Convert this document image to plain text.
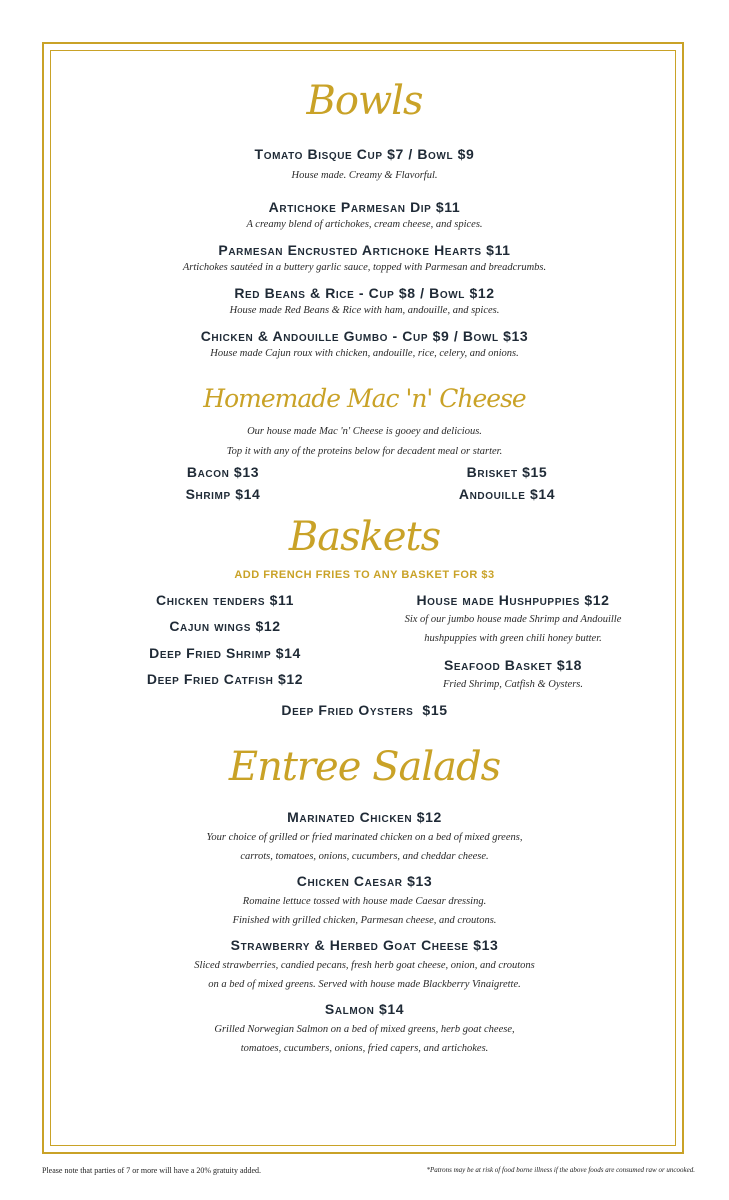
Bowls
Tomato Bisque Cup $7 / Bowl $9
House made. Creamy & Flavorful.
Artichoke Parmesan Dip $11
A creamy blend of artichokes, cream cheese, and spices.
Parmesan Encrusted Artichoke Hearts $11
Artichokes sautéed in a buttery garlic sauce, topped with Parmesan and breadcrumbs.
Red Beans & Rice - Cup $8 / Bowl $12
House made Red Beans & Rice with ham, andouille, and spices.
Chicken & Andouille Gumbo - Cup $9 / Bowl $13
House made Cajun roux with chicken, andouille, rice, celery, and onions.
Homemade Mac 'n' Cheese
Our house made Mac 'n' Cheese is gooey and delicious.
Top it with any of the proteins below for decadent meal or starter.
Bacon $13	Brisket $15
Shrimp $14	Andouille $14
Baskets
ADD FRENCH FRIES TO ANY BASKET FOR $3
Chicken tenders $11
Cajun wings $12
Deep Fried Shrimp $14
Deep Fried Catfish $12
House made Hushpuppies $12
Six of our jumbo house made Shrimp and Andouille
hushpuppies with green chili honey butter.
Seafood Basket $18
Fried Shrimp, Catfish & Oysters.
Deep Fried Oysters  $15
Entree Salads
Marinated Chicken $12
Your choice of grilled or fried marinated chicken on a bed of mixed greens,
carrots, tomatoes, onions, cucumbers, and cheddar cheese.
Chicken Caesar $13
Romaine lettuce tossed with house made Caesar dressing.
Finished with grilled chicken, Parmesan cheese, and croutons.
Strawberry & Herbed Goat Cheese $13
Sliced strawberries, candied pecans, fresh herb goat cheese, onion, and croutons
on a bed of mixed greens. Served with house made Blackberry Vinaigrette.
Salmon $14
Grilled Norwegian Salmon on a bed of mixed greens, herb goat cheese,
tomatoes, cucumbers, onions, fried capers, and artichokes.
Please note that parties of 7 or more will have a 20% gratuity added.	*Patrons may be at risk of food borne illness if the above foods are consumed raw or uncooked.
